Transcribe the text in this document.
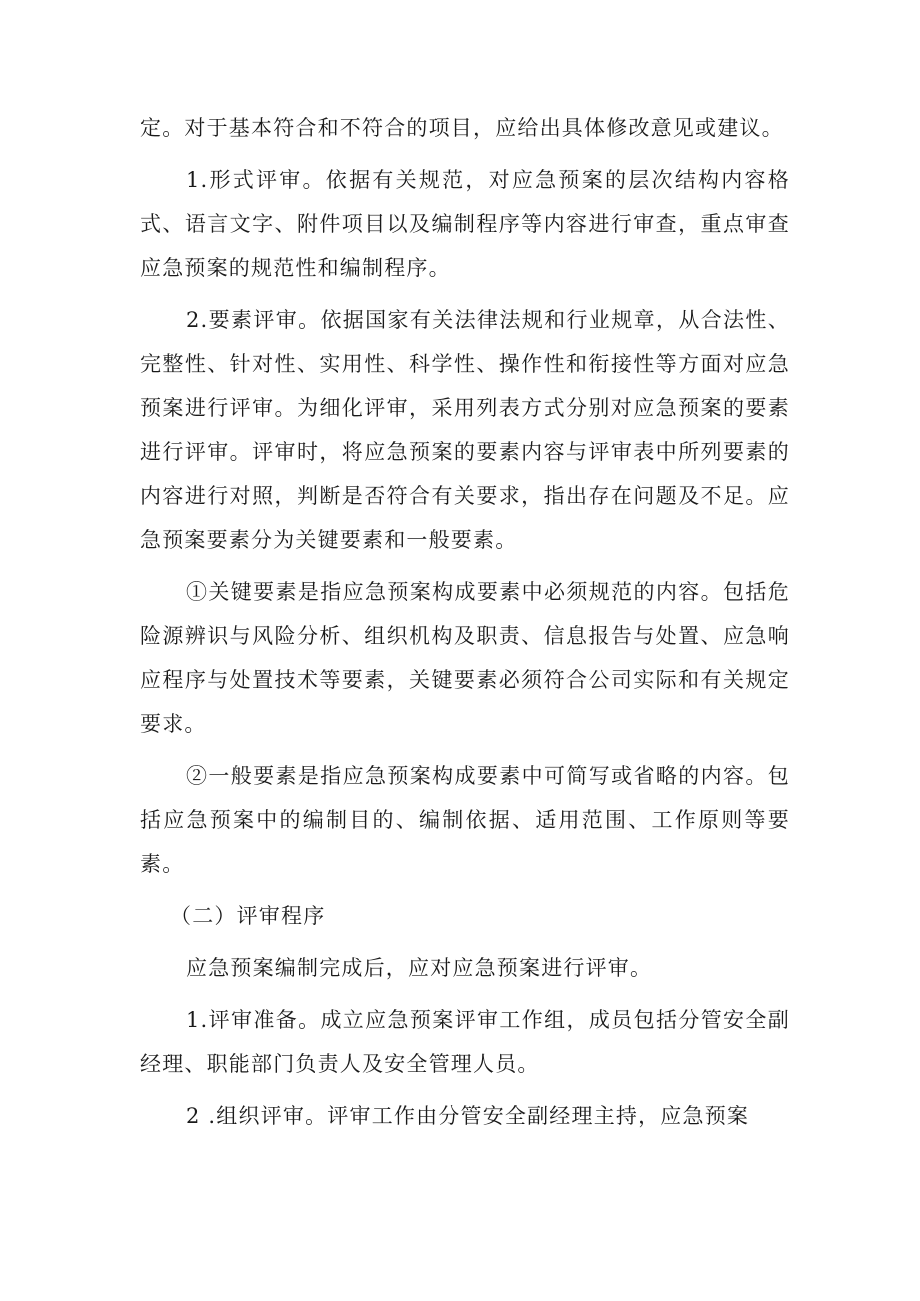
定。对于基本符合和不符合的项目，应给出具体修改意见或建议。

1.形式评审。依据有关规范，对应急预案的层次结构内容格式、语言文字、附件项目以及编制程序等内容进行审查，重点审查应急预案的规范性和编制程序。

2.要素评审。依据国家有关法律法规和行业规章，从合法性、完整性、针对性、实用性、科学性、操作性和衔接性等方面对应急预案进行评审。为细化评审，采用列表方式分别对应急预案的要素进行评审。评审时，将应急预案的要素内容与评审表中所列要素的内容进行对照，判断是否符合有关要求，指出存在问题及不足。应急预案要素分为关键要素和一般要素。

①关键要素是指应急预案构成要素中必须规范的内容。包括危险源辨识与风险分析、组织机构及职责、信息报告与处置、应急响应程序与处置技术等要素，关键要素必须符合公司实际和有关规定要求。

②一般要素是指应急预案构成要素中可简写或省略的内容。包括应急预案中的编制目的、编制依据、适用范围、工作原则等要素。

（二）评审程序

应急预案编制完成后，应对应急预案进行评审。

1.评审准备。成立应急预案评审工作组，成员包括分管安全副经理、职能部门负责人及安全管理人员。

2 .组织评审。评审工作由分管安全副经理主持，应急预案
